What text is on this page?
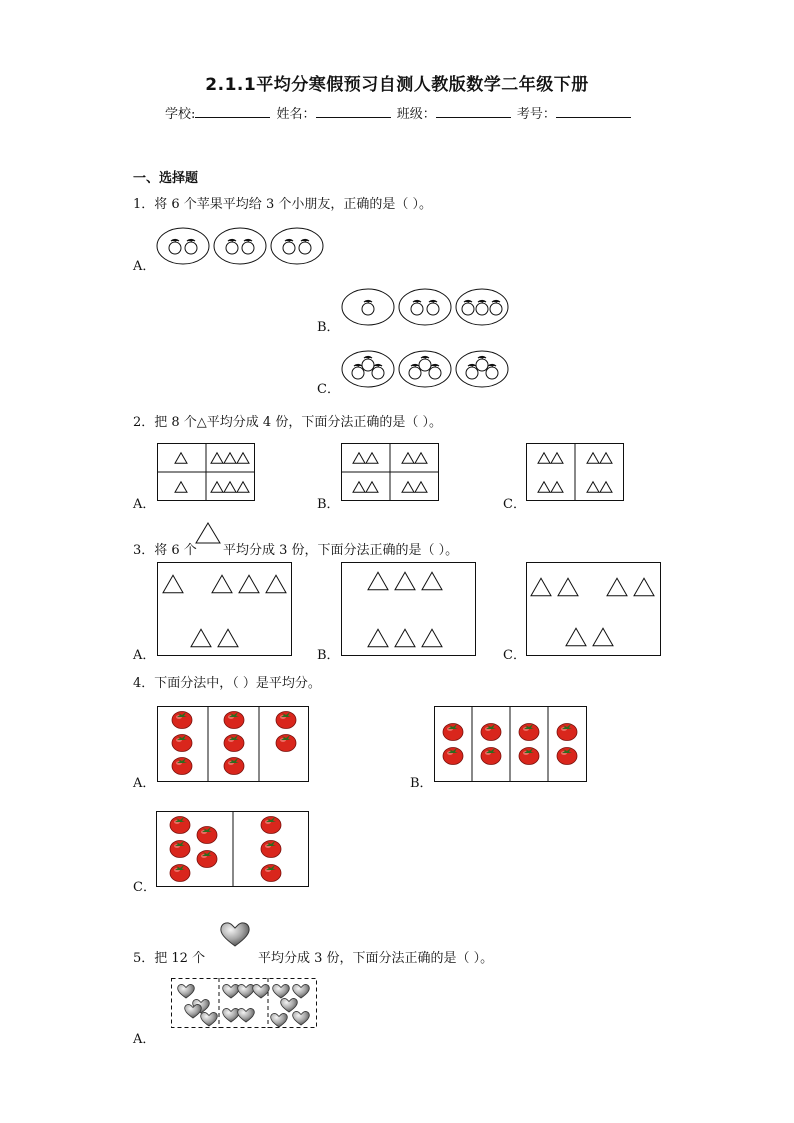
2.1.1平均分寒假预习自测人教版数学二年级下册
学校:	姓名：	班级：	考号：
一、选择题
1．将 6 个苹果平均给 3 个小朋友，正确的是（ ）。
A．
B．
C．
2．把 8 个△平均分成 4 份，下面分法正确的是（ ）。
A．	B．	C．
3．将 6 个 平均分成 3 份，下面分法正确的是（ ）。
A．	B．	C．
4．下面分法中，（ ）是平均分。
A．	B．
C．
5．把 12 个	平均分成 3 份，下面分法正确的是（ ）。
A．
